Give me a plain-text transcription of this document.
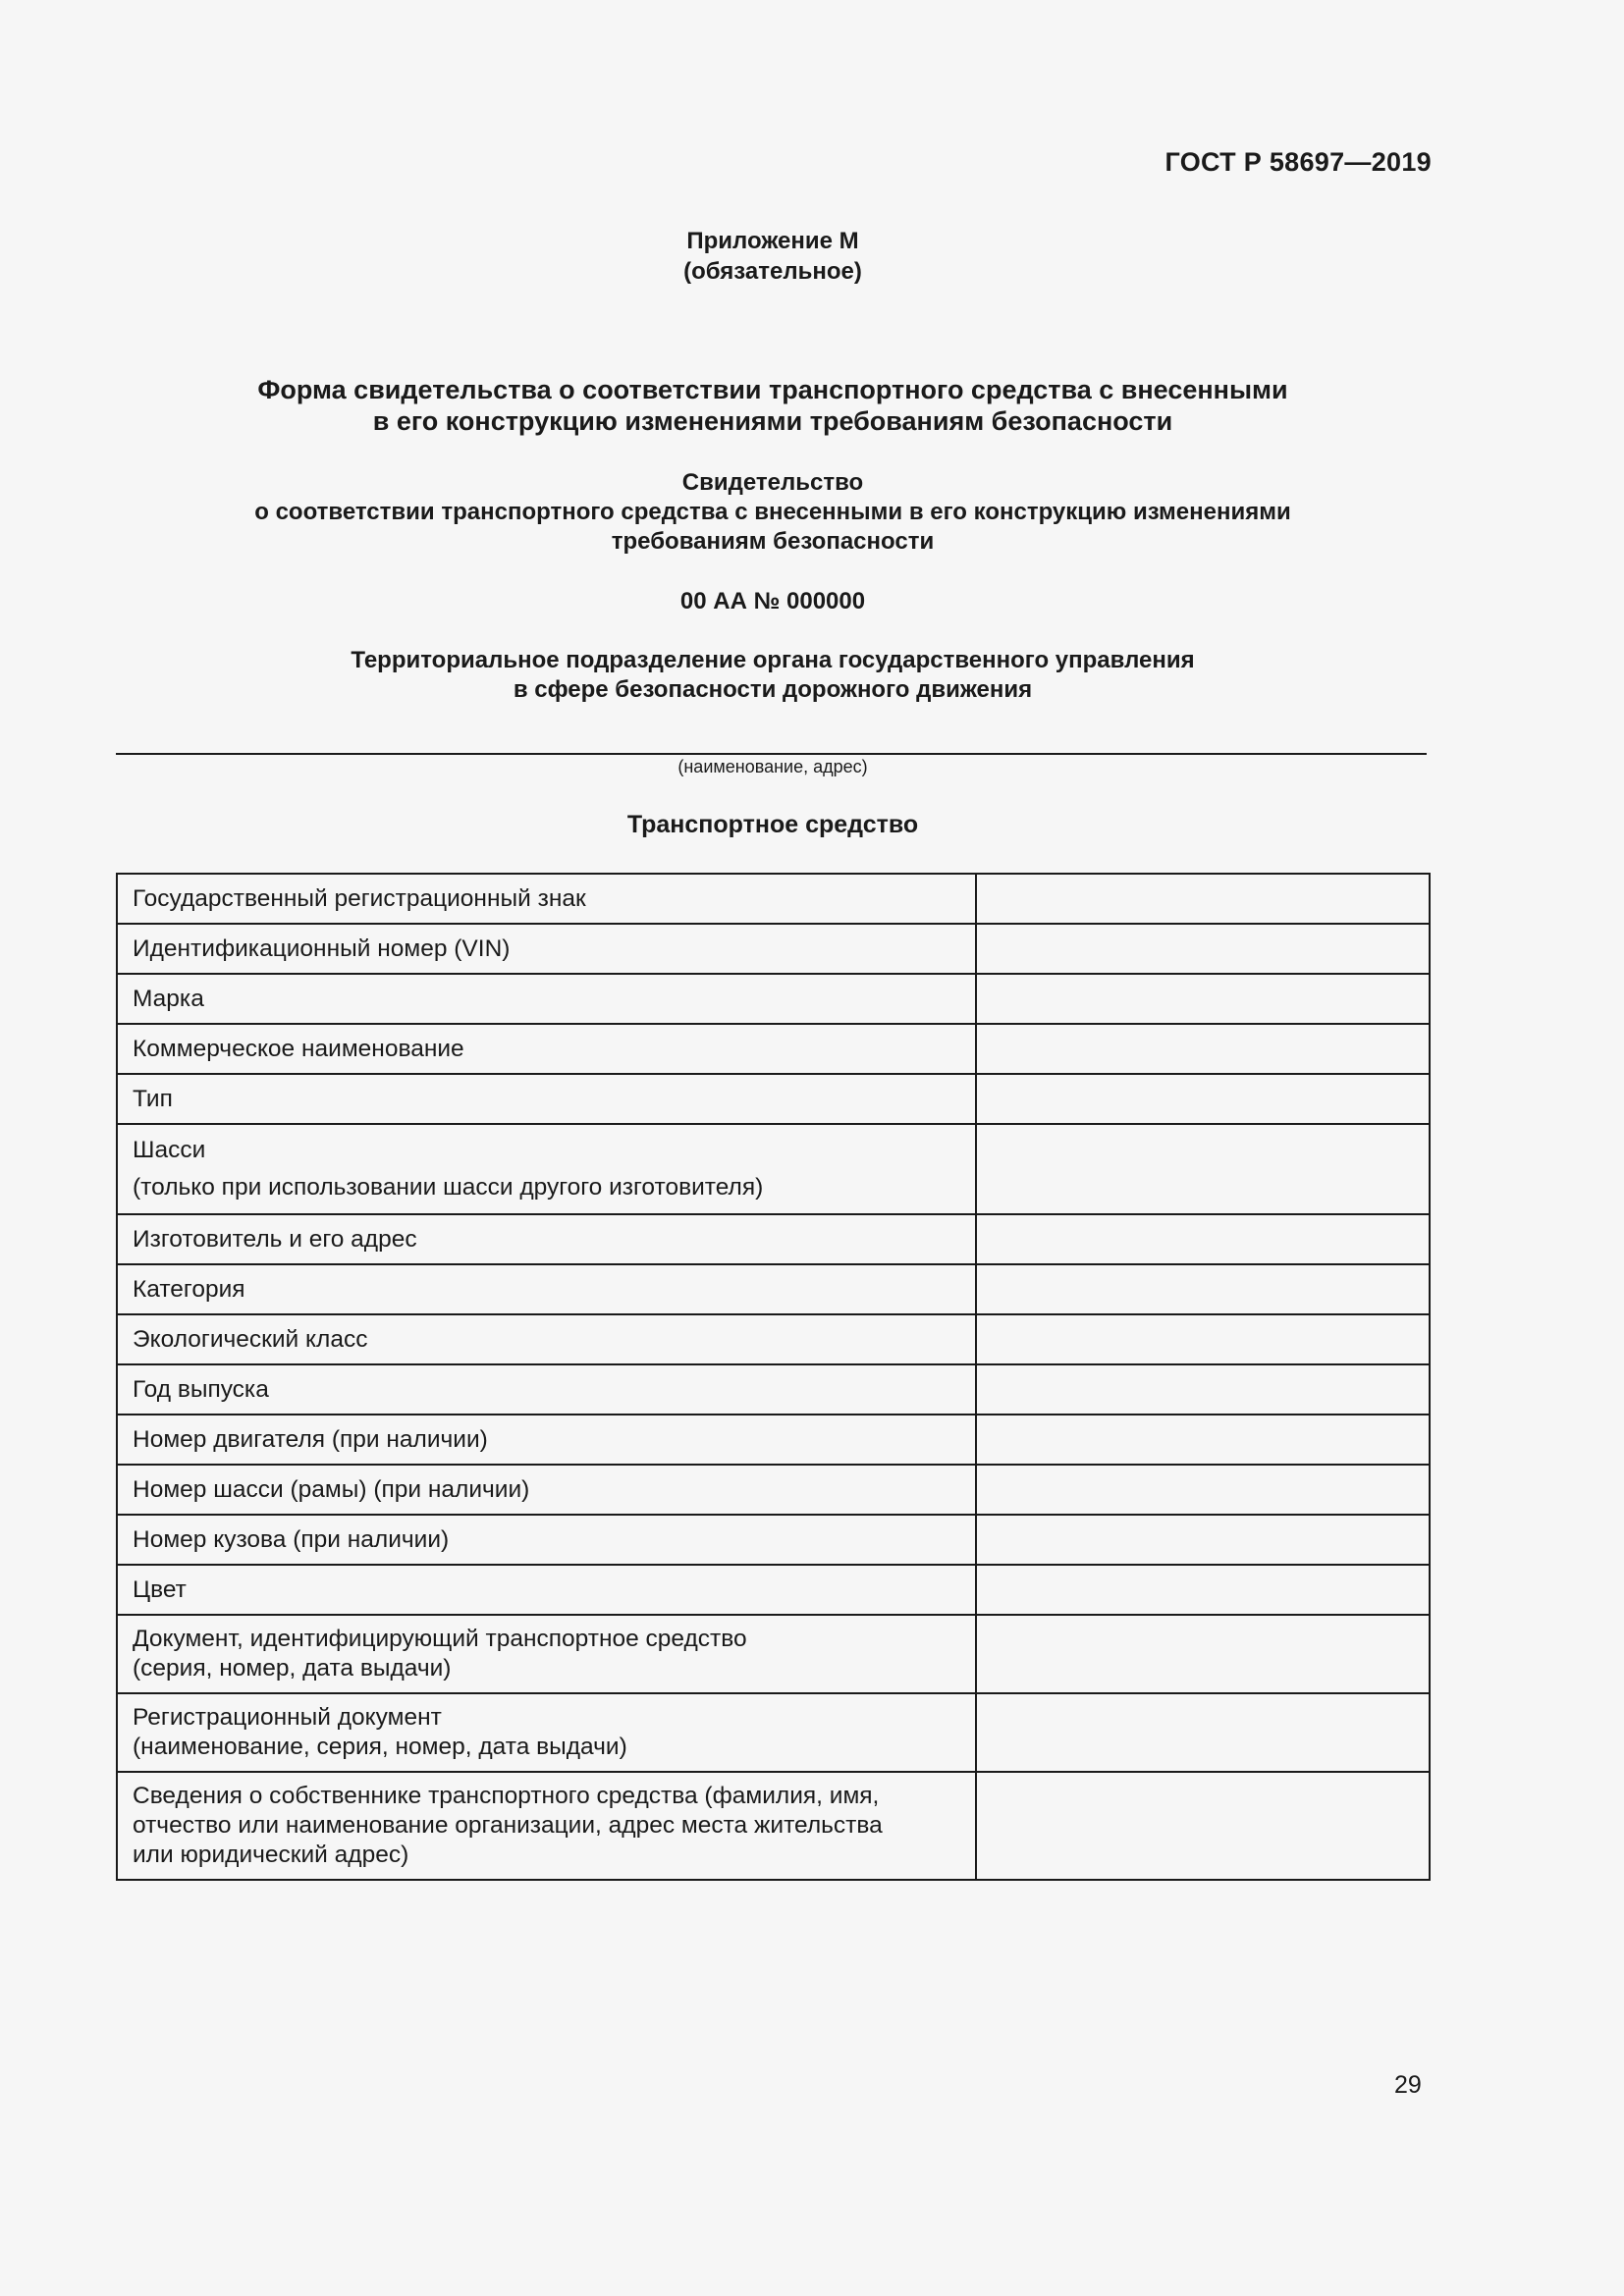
ГОСТ Р 58697—2019
Приложение М
(обязательное)
Форма свидетельства о соответствии транспортного средства с внесенными
в его конструкцию изменениями требованиям безопасности
Свидетельство
о соответствии транспортного средства с внесенными в его конструкцию изменениями
требованиям безопасности
00 АА № 000000
Территориальное подразделение органа государственного управления
в сфере безопасности дорожного движения
(наименование, адрес)
Транспортное средство
Государственный регистрационный знак	
Идентификационный номер (VIN)	
Марка	
Коммерческое наименование	
Тип	

Шасси
(только при использовании шасси другого изготовителя)	

Изготовитель и его адрес	
Категория	
Экологический класс	
Год выпуска	
Номер двигателя (при наличии)	
Номер шасси (рамы) (при наличии)	
Номер кузова (при наличии)	
Цвет	
Документ, идентифицирующий транспортное средство
(серия, номер, дата выдачи)	
Регистрационный документ
(наименование, серия, номер, дата выдачи)	
Сведения о собственнике транспортного средства (фамилия, имя,
отчество или наименование организации, адрес места жительства
или юридический адрес)	
29
